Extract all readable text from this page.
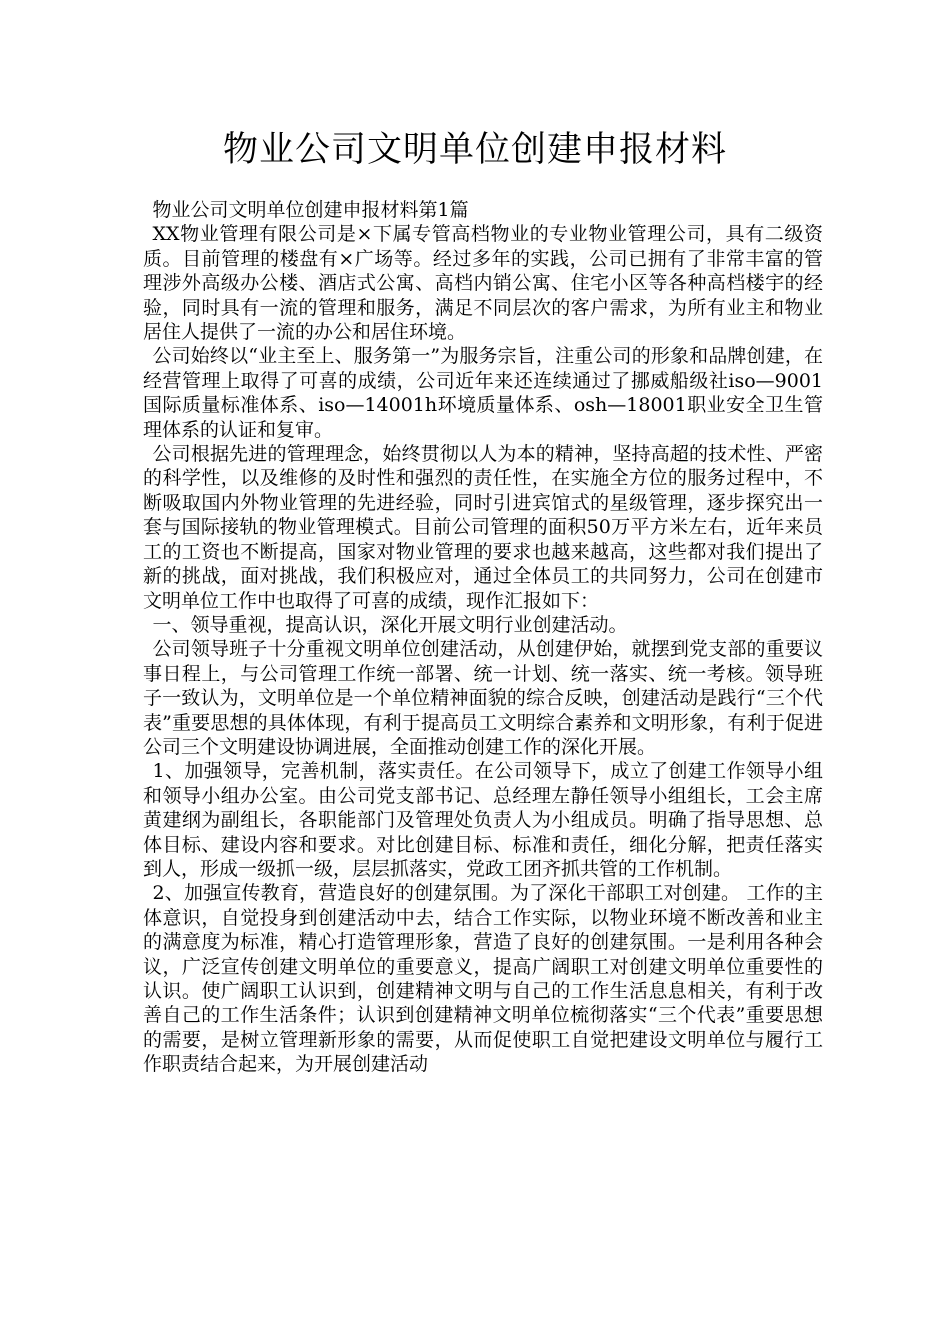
物业公司文明单位创建申报材料

物业公司文明单位创建申报材料第1篇

XX物业管理有限公司是×下属专管高档物业的专业物业管理公司，具有二级资质。目前管理的楼盘有×广场等。经过多年的实践，公司已拥有了非常丰富的管理涉外高级办公楼、酒店式公寓、高档内销公寓、住宅小区等各种高档楼宇的经验，同时具有一流的管理和服务，满足不同层次的客户需求，为所有业主和物业居住人提供了一流的办公和居住环境。

公司始终以“业主至上、服务第一”为服务宗旨，注重公司的形象和品牌创建，在经营管理上取得了可喜的成绩，公司近年来还连续通过了挪威船级社iso—9001国际质量标准体系、iso—14001h环境质量体系、osh—18001职业安全卫生管理体系的认证和复审。

公司根据先进的管理理念，始终贯彻以人为本的精神，坚持高超的技术性、严密的科学性，以及维修的及时性和强烈的责任性，在实施全方位的服务过程中，不断吸取国内外物业管理的先进经验，同时引进宾馆式的星级管理，逐步探究出一套与国际接轨的物业管理模式。目前公司管理的面积50万平方米左右，近年来员工的工资也不断提高，国家对物业管理的要求也越来越高，这些都对我们提出了新的挑战，面对挑战，我们积极应对，通过全体员工的共同努力，公司在创建市文明单位工作中也取得了可喜的成绩，现作汇报如下：

一、领导重视，提高认识，深化开展文明行业创建活动。

公司领导班子十分重视文明单位创建活动，从创建伊始，就摆到党支部的重要议事日程上，与公司管理工作统一部署、统一计划、统一落实、统一考核。领导班子一致认为，文明单位是一个单位精神面貌的综合反映，创建活动是践行“三个代表”重要思想的具体体现，有利于提高员工文明综合素养和文明形象，有利于促进公司三个文明建设协调进展，全面推动创建工作的深化开展。

1、加强领导，完善机制，落实责任。在公司领导下，成立了创建工作领导小组和领导小组办公室。由公司党支部书记、总经理左静任领导小组组长，工会主席黄建纲为副组长，各职能部门及管理处负责人为小组成员。明确了指导思想、总体目标、建设内容和要求。对比创建目标、标准和责任，细化分解，把责任落实到人，形成一级抓一级，层层抓落实，党政工团齐抓共管的工作机制。

2、加强宣传教育，营造良好的创建氛围。为了深化干部职工对创建。 工作的主体意识，自觉投身到创建活动中去，结合工作实际，以物业环境不断改善和业主的满意度为标准，精心打造管理形象，营造了良好的创建氛围。一是利用各种会议，广泛宣传创建文明单位的重要意义，提高广阔职工对创建文明单位重要性的认识。使广阔职工认识到，创建精神文明与自己的工作生活息息相关，有利于改善自己的工作生活条件；认识到创建精神文明单位梳彻落实“三个代表”重要思想的需要，是树立管理新形象的需要，从而促使职工自觉把建设文明单位与履行工作职责结合起来，为开展创建活动
